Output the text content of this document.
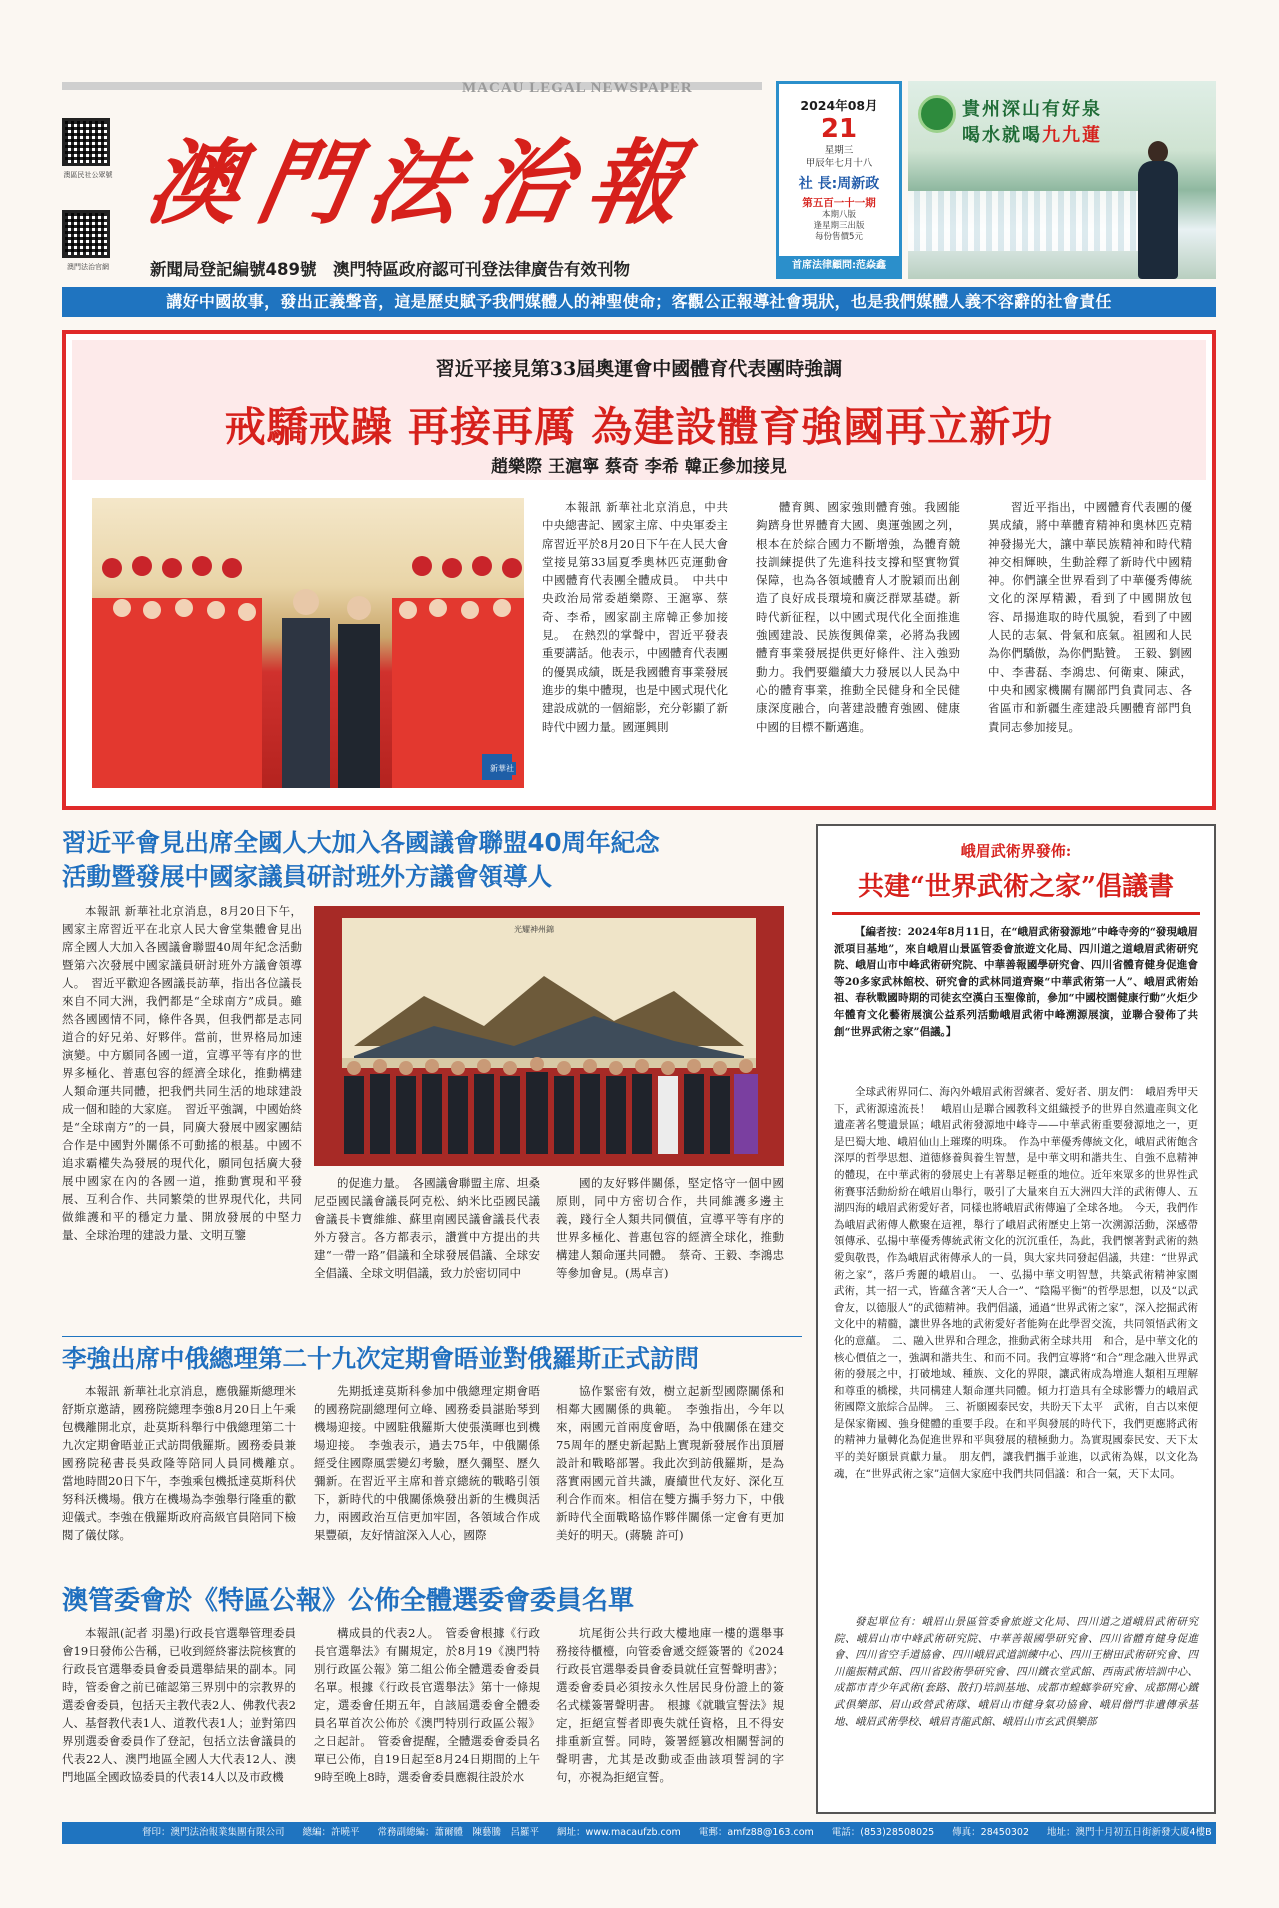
MACAU LEGAL NEWSPAPER
澳區民社公眾號
澳門法治官網
澳門法治報
新聞局登記編號489號　澳門特區政府認可刊登法律廣告有效刊物
2024年08月
21
星期三
甲辰年七月十八
社 長:周新政
第五百一十一期
本期八版
逢星期三出版
每份售價5元
首席法律顧問:范焱鑫
貴州深山有好泉
喝水就喝九九蓮
講好中國故事，發出正義聲音，這是歷史賦予我們媒體人的神聖使命；客觀公正報導社會現狀，也是我們媒體人義不容辭的社會責任
習近平接見第33屆奧運會中國體育代表團時強調
戒驕戒躁 再接再厲 為建設體育強國再立新功
趙樂際 王滬寧 蔡奇 李希 韓正參加接見

本報訊 新華社北京消息，中共中央總書記、國家主席、中央軍委主席習近平於8月20日下午在人民大會堂接見第33屆夏季奧林匹克運動會中國體育代表團全體成員。　中共中央政治局常委趙樂際、王滬寧、蔡奇、李希，國家副主席韓正參加接見。　在熱烈的掌聲中，習近平發表重要講話。他表示，中國體育代表團的優異成績，既是我國體育事業發展進步的集中體現，也是中國式現代化建設成就的一個縮影，充分彰顯了新時代中國力量。國運興則

體育興、國家強則體育強。我國能夠躋身世界體育大國、奧運強國之列，根本在於綜合國力不斷增強，為體育競技訓練提供了先進科技支撐和堅實物質保障，也為各領域體育人才脫穎而出創造了良好成長環境和廣泛群眾基礎。新時代新征程，以中國式現代化全面推進強國建設、民族復興偉業，必將為我國體育事業發展提供更好條件、注入強勁動力。我們要繼續大力發展以人民為中心的體育事業，推動全民健身和全民健康深度融合，向著建設體育強國、健康中國的目標不斷邁進。

習近平指出，中國體育代表團的優異成績，將中華體育精神和奧林匹克精神發揚光大，讓中華民族精神和時代精神交相輝映，生動詮釋了新時代中國精神。你們讓全世界看到了中華優秀傳統文化的深厚精澱，看到了中國開放包容、昂揚進取的時代風貌，看到了中國人民的志氣、骨氣和底氣。祖國和人民為你們驕傲，為你們點贊。　王毅、劉國中、李書磊、李鴻忠、何衛東、陳武，中央和國家機關有關部門負責同志、各省區市和新疆生產建設兵團體育部門負責同志參加接見。

新華社
習近平會見出席全國人大加入各國議會聯盟40周年紀念
活動暨發展中國家議員研討班外方議會領導人

本報訊 新華社北京消息，8月20日下午，國家主席習近平在北京人民大會堂集體會見出席全國人大加入各國議會聯盟40周年紀念活動暨第六次發展中國家議員研討班外方議會領導人。　習近平歡迎各國議長訪華，指出各位議長來自不同大洲，我們都是“全球南方”成員。雖然各國國情不同，條件各異，但我們都是志同道合的好兄弟、好夥伴。當前，世界格局加速演變。中方願同各國一道，宣導平等有序的世界多極化、普惠包容的經濟全球化，推動構建人類命運共同體，把我們共同生活的地球建設成一個和睦的大家庭。　習近平強調，中國始終是“全球南方”的一員，同廣大發展中國家團結合作是中國對外關係不可動搖的根基。中國不追求霸權失為發展的現代化，願同包括廣大發展中國家在內的各國一道，推動實現和平發展、互利合作、共同繁榮的世界現代化，共同做維護和平的穩定力量、開放發展的中堅力量、全球治理的建設力量、文明互鑒

光耀神州錦

的促進力量。　各國議會聯盟主席、坦桑尼亞國民議會議長阿克松、納米比亞國民議會議長卡寶維維、蘇里南國民議會議長代表外方發言。各方都表示，讚賞中方提出的共建“一帶一路”倡議和全球發展倡議、全球安全倡議、全球文明倡議，致力於密切同中

國的友好夥伴關係，堅定恪守一個中國原則，同中方密切合作，共同維護多邊主義，踐行全人類共同價值，宣導平等有序的世界多極化、普惠包容的經濟全球化，推動構建人類命運共同體。　蔡奇、王毅、李鴻忠等參加會見。(馬卓言)

李強出席中俄總理第二十九次定期會晤並對俄羅斯正式訪問

本報訊 新華社北京消息，應俄羅斯總理米舒斯京邀請，國務院總理李強8月20日上午乘包機離開北京，赴莫斯科舉行中俄總理第二十九次定期會晤並正式訪問俄羅斯。國務委員兼國務院秘書長吳政隆等陪同人員同機離京。　當地時間20日下午，李強乘包機抵達莫斯科伏努科沃機場。俄方在機場為李強舉行隆重的歡迎儀式。李強在俄羅斯政府高級官員陪同下檢閱了儀仗隊。

先期抵達莫斯科參加中俄總理定期會晤的國務院副總理何立峰、國務委員諶貽琴到機場迎接。中國駐俄羅斯大使張漢暉也到機場迎接。　李強表示，過去75年，中俄關係經受住國際風雲變幻考驗，歷久彌堅、歷久彌新。在習近平主席和普京總統的戰略引領下，新時代的中俄關係煥發出新的生機與活力，兩國政治互信更加牢固，各領域合作成果豐碩，友好情誼深入人心，國際

協作緊密有效，樹立起新型國際關係和相鄰大國關係的典範。　李強指出，今年以來，兩國元首兩度會晤，為中俄關係在建交75周年的歷史新起點上實現新發展作出頂層設計和戰略部署。我此次到訪俄羅斯，是為落實兩國元首共識，賡續世代友好、深化互利合作而來。相信在雙方攜手努力下，中俄新時代全面戰略協作夥伴關係一定會有更加美好的明天。(蔣驍 許可)

澳管委會於《特區公報》公佈全體選委會委員名單

本報訊(記者 羽墨)行政長官選舉管理委員會19日發佈公告稱，已收到經終審法院核實的行政長官選舉委員會委員選舉結果的副本。同時，管委會之前已確認第三界別中的宗教界的選委會委員，包括天主教代表2人、佛教代表2人、基督教代表1人、道教代表1人；並對第四界別選委會委員作了登記，包括立法會議員的代表22人、澳門地區全國人大代表12人、澳門地區全國政協委員的代表14人以及市政機

構成員的代表2人。　管委會根據《行政長官選舉法》有關規定，於8月19《澳門特別行政區公報》第二組公佈全體選委會委員名單。根據《行政長官選舉法》第十一條規定，選委會任期五年，自該屆選委會全體委員名單首次公佈於《澳門特別行政區公報》之日起計。　管委會提醒，全體選委會委員名單已公佈，自19日起至8月24日期間的上午9時至晚上8時，選委會委員應親往設於水

坑尾街公共行政大樓地庫一樓的選舉事務接待櫃檯，向管委會遞交經簽署的《2024行政長官選舉委員會委員就任宣誓聲明書》；選委會委員必須按永久性居民身份證上的簽名式樣簽署聲明書。　根據《就職宣誓法》規定，拒絕宣誓者即喪失就任資格，且不得安排重新宣誓。同時，簽署經篡改相關誓詞的聲明書，尤其是改動或歪曲該項誓詞的字句，亦視為拒絕宣誓。

峨眉武術界發佈:
共建“世界武術之家”倡議書

【編者按：2024年8月11日，在“峨眉武術發源地”中峰寺旁的“發現峨眉派項目基地”，來自峨眉山景區管委會旅遊文化局、四川道之道峨眉武術研究院、峨眉山市中峰武術研究院、中華善報國學研究會、四川省體育健身促進會等20多家武林館校、研究會的武林同道齊聚“中華武術第一人”、峨眉武術始祖、春秋戰國時期的司徒玄空漢白玉聖像前，參加“中國校園健康行動”火炬少年體育文化藝術展演公益系列活動峨眉武術中峰溯源展演，並聯合發佈了共創“世界武術之家”倡議。】

全球武術界同仁、海內外峨眉武術習練者、愛好者、朋友們：　峨眉秀甲天下，武術源遠流長！　峨眉山是聯合國教科文組織授予的世界自然遺產與文化遺產著名雙遺景區；峨眉武術發源地中峰寺——中華武術重要發源地之一，更是巴蜀大地、峨眉仙山上璀璨的明珠。　作為中華優秀傳統文化，峨眉武術飽含深厚的哲學思想、道德修養與養生智慧，是中華文明和諧共生、自強不息精神的體現，在中華武術的發展史上有著舉足輕重的地位。近年來眾多的世界性武術賽事活動紛紛在峨眉山舉行，吸引了大量來自五大洲四大洋的武術傳人、五湖四海的峨眉武術愛好者，同樣也將峨眉武術傳遍了全球各地。　今天，我們作為峨眉武術傳人歡聚在這裡，舉行了峨眉武術歷史上第一次溯源活動，深感帶領傳承、弘揚中華優秀傳統武術文化的沉沉重任，為此，我們懷著對武術的熱愛與敬畏，作為峨眉武術傳承人的一員，與大家共同發起倡議，共建：“世界武術之家”，落戶秀麗的峨眉山。　一、弘揚中華文明智慧，共築武術精神家園　武術，其一招一式，皆蘊含著“天人合一”、“陰陽平衡”的哲學思想，以及“以武會友，以德服人”的武德精神。我們倡議，通過“世界武術之家”，深入挖掘武術文化中的精髓，讓世界各地的武術愛好者能夠在此學習交流，共同領悟武術文化的意蘊。　二、融入世界和合理念，推動武術全球共用　和合，是中華文化的核心價值之一，強調和諧共生、和而不同。我們宣導將“和合”理念融入世界武術的發展之中，打破地域、種族、文化的界限，讓武術成為增進人類相互理解和尊重的橋樑，共同構建人類命運共同體。傾力打造具有全球影響力的峨眉武術國際文旅綜合品牌。　三、祈願國泰民安，共盼天下太平　武術，自古以來便是保家衛國、強身健體的重要手段。在和平與發展的時代下，我們更應將武術的精神力量轉化為促進世界和平與發展的積極動力。為實現國泰民安、天下太平的美好願景貢獻力量。　朋友們，讓我們攜手並進，以武術為媒，以文化為魂，在“世界武術之家”這個大家庭中我們共同倡議：和合一氣，天下太同。

發起單位有：峨眉山景區管委會旅遊文化局、四川道之道峨眉武術研究院、峨眉山市中峰武術研究院、中華善報國學研究會、四川省體育健身促進會、四川省空手道協會、四川峨眉武道訓練中心、四川王樹田武術研究會、四川龍振精武館、四川省跤術學研究會、四川鐵衣堂武館、西南武術培訓中心、成都市青少年武術(套路、散打)培訓基地、成都市蝗螂拳研究會、成都開心鐵武俱樂部、眉山政營武術隊、峨眉山市健身氣功協會、峨眉僧門非遺傳承基地、峨眉武術學校、峨眉青龍武館、峨眉山市玄武俱樂部

督印：澳門法治報業集團有限公司 總編：許曉平 常務副總編：蕭爾體　陳藝騰　呂羅平 網址：www.macaufzb.com 電郵：amfz88@163.com 電話：(853)28508025 傳真：28450302 地址：澳門十月初五日街新發大廈4樓B
